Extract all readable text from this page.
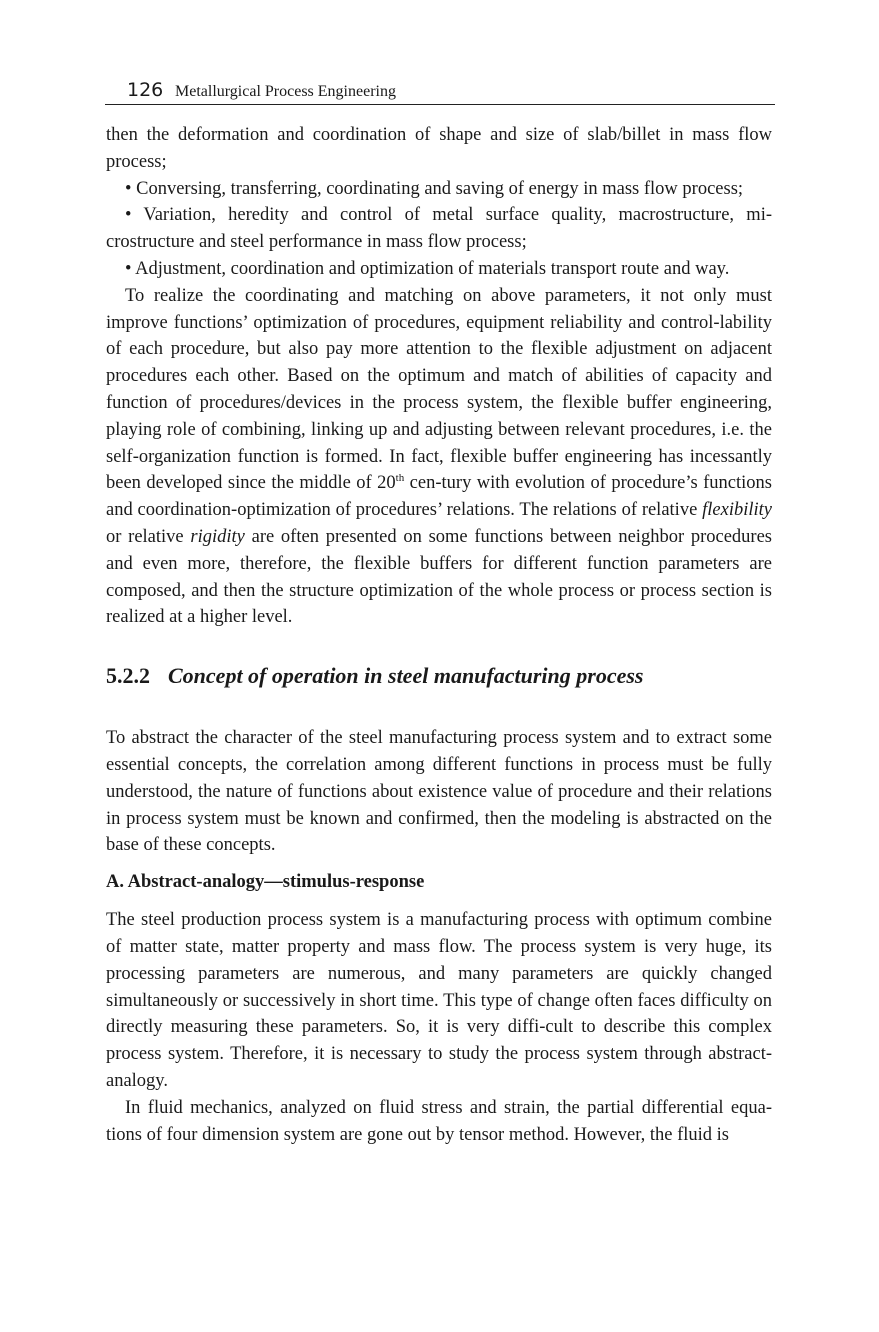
126 Metallurgical Process Engineering

then the deformation and coordination of shape and size of slab/billet in mass flow process;

• Conversing, transferring, coordinating and saving of energy in mass flow process;

• Variation, heredity and control of metal surface quality, macrostructure, mi-crostructure and steel performance in mass flow process;

• Adjustment, coordination and optimization of materials transport route and way.

To realize the coordinating and matching on above parameters, it not only must improve functions’ optimization of procedures, equipment reliability and control-lability of each procedure, but also pay more attention to the flexible adjustment on adjacent procedures each other. Based on the optimum and match of abilities of capacity and function of procedures/devices in the process system, the flexible buffer engineering, playing role of combining, linking up and adjusting between relevant procedures, i.e. the self-organization function is formed. In fact, flexible buffer engineering has incessantly been developed since the middle of 20th cen-tury with evolution of procedure’s functions and coordination-optimization of procedures’ relations. The relations of relative flexibility or relative rigidity are often presented on some functions between neighbor procedures and even more, therefore, the flexible buffers for different function parameters are composed, and then the structure optimization of the whole process or process section is realized at a higher level.

5.2.2 Concept of operation in steel manufacturing process

To abstract the character of the steel manufacturing process system and to extract some essential concepts, the correlation among different functions in process must be fully understood, the nature of functions about existence value of procedure and their relations in process system must be known and confirmed, then the modeling is abstracted on the base of these concepts.

A. Abstract-analogy—stimulus-response

The steel production process system is a manufacturing process with optimum combine of matter state, matter property and mass flow. The process system is very huge, its processing parameters are numerous, and many parameters are quickly changed simultaneously or successively in short time. This type of change often faces difficulty on directly measuring these parameters. So, it is very diffi-cult to describe this complex process system. Therefore, it is necessary to study the process system through abstract-analogy.

In fluid mechanics, analyzed on fluid stress and strain, the partial differential equa-tions of four dimension system are gone out by tensor method. However, the fluid is
